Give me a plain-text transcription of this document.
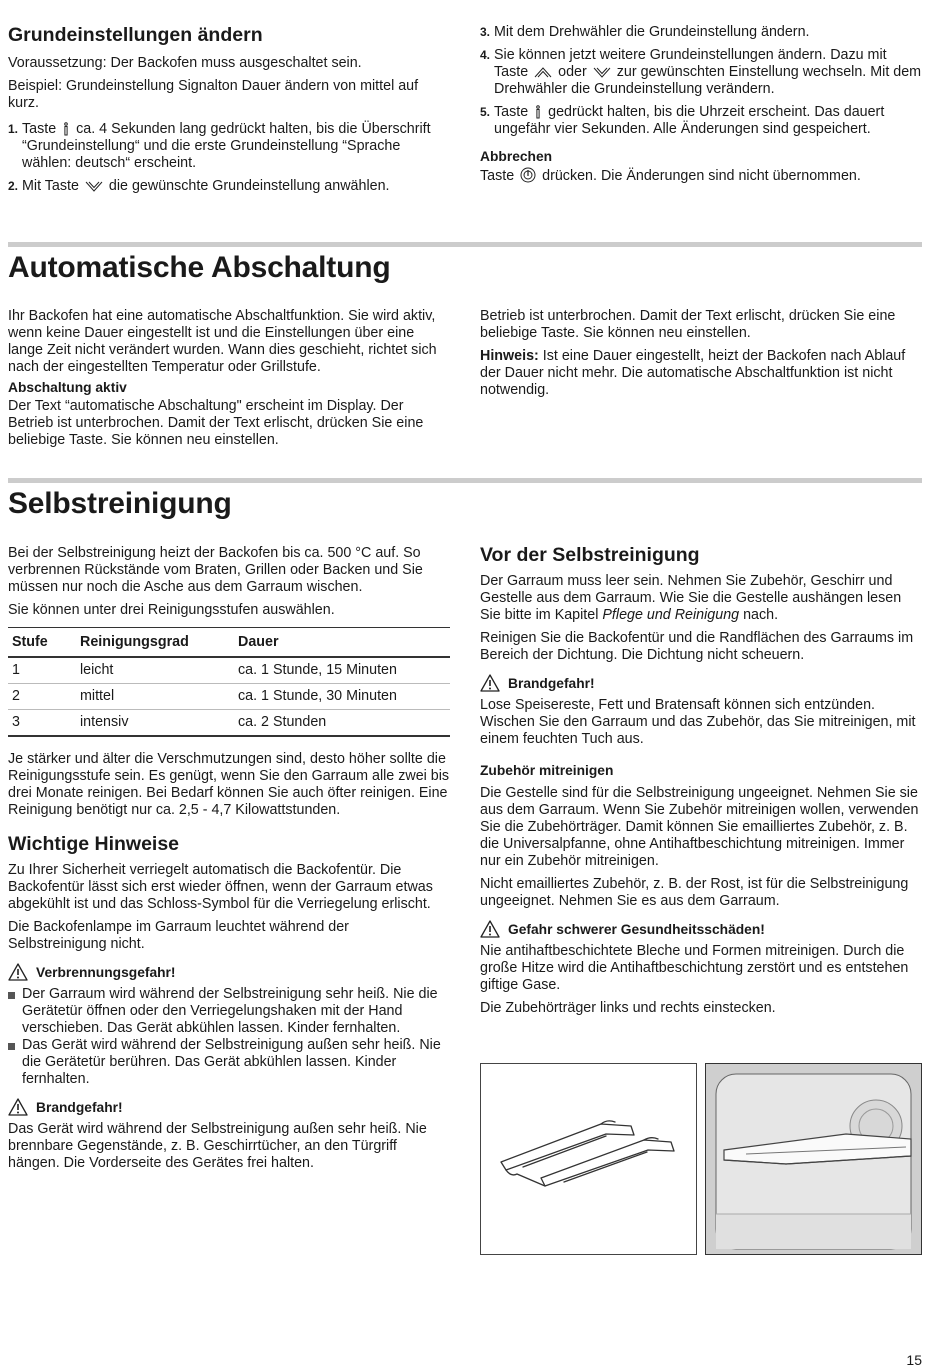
Grundeinstellungen ändern

Voraussetzung: Der Backofen muss ausgeschaltet sein.

Beispiel: Grundeinstellung Signalton Dauer ändern von mittel auf kurz.

1. Taste ca. 4 Sekunden lang gedrückt halten, bis die Überschrift “Grundeinstellung“ und die erste Grundeinstellung “Sprache wählen: deutsch“ erscheint.
2. Mit Taste die gewünschte Grundeinstellung anwählen.
3. Mit dem Drehwähler die Grundeinstellung ändern.
4. Sie können jetzt weitere Grundeinstellungen ändern. Dazu mit Taste oder zur gewünschten Einstellung wechseln. Mit dem Drehwähler die Grundeinstellung verändern.
5. Taste gedrückt halten, bis die Uhrzeit erscheint. Das dauert ungefähr vier Sekunden. Alle Änderungen sind gespeichert.
Abbrechen

Taste drücken. Die Änderungen sind nicht übernommen.

Automatische Abschaltung

Ihr Backofen hat eine automatische Abschaltfunktion. Sie wird aktiv, wenn keine Dauer eingestellt ist und die Einstellungen über eine lange Zeit nicht verändert wurden. Wann dies geschieht, richtet sich nach der eingestellten Temperatur oder Grillstufe.

Abschaltung aktiv

Der Text “automatische Abschaltung" erscheint im Display. Der Betrieb ist unterbrochen. Damit der Text erlischt, drücken Sie eine beliebige Taste. Sie können neu einstellen.

Betrieb ist unterbrochen. Damit der Text erlischt, drücken Sie eine beliebige Taste. Sie können neu einstellen.

Hinweis: Ist eine Dauer eingestellt, heizt der Backofen nach Ablauf der Dauer nicht mehr. Die automatische Abschaltfunktion ist nicht notwendig.

Selbstreinigung

Bei der Selbstreinigung heizt der Backofen bis ca. 500 °C auf. So verbrennen Rückstände vom Braten, Grillen oder Backen und Sie müssen nur noch die Asche aus dem Garraum wischen.

Sie können unter drei Reinigungsstufen auswählen.

Stufe	Reinigungsgrad	Dauer
1	leicht	ca. 1 Stunde, 15 Minuten
2	mittel	ca. 1 Stunde, 30 Minuten
3	intensiv	ca. 2 Stunden

Je stärker und älter die Verschmutzungen sind, desto höher sollte die Reinigungsstufe sein. Es genügt, wenn Sie den Garraum alle zwei bis drei Monate reinigen. Bei Bedarf können Sie auch öfter reinigen. Eine Reinigung benötigt nur ca. 2,5 - 4,7 Kilowattstunden.

Wichtige Hinweise

Zu Ihrer Sicherheit verriegelt automatisch die Backofentür. Die Backofentür lässt sich erst wieder öffnen, wenn der Garraum etwas abgekühlt ist und das Schloss-Symbol für die Verriegelung erlischt.

Die Backofenlampe im Garraum leuchtet während der Selbstreinigung nicht.

Verbrennungsgefahr!
Der Garraum wird während der Selbstreinigung sehr heiß. Nie die Gerätetür öffnen oder den Verriegelungshaken mit der Hand verschieben. Das Gerät abkühlen lassen. Kinder fernhalten.
Das Gerät wird während der Selbstreinigung außen sehr heiß. Nie die Gerätetür berühren. Das Gerät abkühlen lassen. Kinder fernhalten.
Brandgefahr!

Das Gerät wird während der Selbstreinigung außen sehr heiß. Nie brennbare Gegenstände, z. B. Geschirrtücher, an den Türgriff hängen. Die Vorderseite des Gerätes frei halten.

Vor der Selbstreinigung

Der Garraum muss leer sein. Nehmen Sie Zubehör, Geschirr und Gestelle aus dem Garraum. Wie Sie die Gestelle aushängen lesen Sie bitte im Kapitel Pflege und Reinigung nach.

Reinigen Sie die Backofentür und die Randflächen des Garraums im Bereich der Dichtung. Die Dichtung nicht scheuern.

Brandgefahr!

Lose Speisereste, Fett und Bratensaft können sich entzünden. Wischen Sie den Garraum und das Zubehör, das Sie mitreinigen, mit einem feuchten Tuch aus.

Zubehör mitreinigen

Die Gestelle sind für die Selbstreinigung ungeeignet. Nehmen Sie sie aus dem Garraum. Wenn Sie Zubehör mitreinigen wollen, verwenden Sie die Zubehörträger. Damit können Sie emailliertes Zubehör, z. B. die Universalpfanne, ohne Antihaftbeschichtung mitreinigen. Immer nur ein Zubehör mitreinigen.

Nicht emailliertes Zubehör, z. B. der Rost, ist für die Selbstreinigung ungeeignet. Nehmen Sie es aus dem Garraum.

Gefahr schwerer Gesundheitsschäden!

Nie antihaftbeschichtete Bleche und Formen mitreinigen. Durch die große Hitze wird die Antihaftbeschichtung zerstört und es entstehen giftige Gase.

Die Zubehörträger links und rechts einstecken.

15
